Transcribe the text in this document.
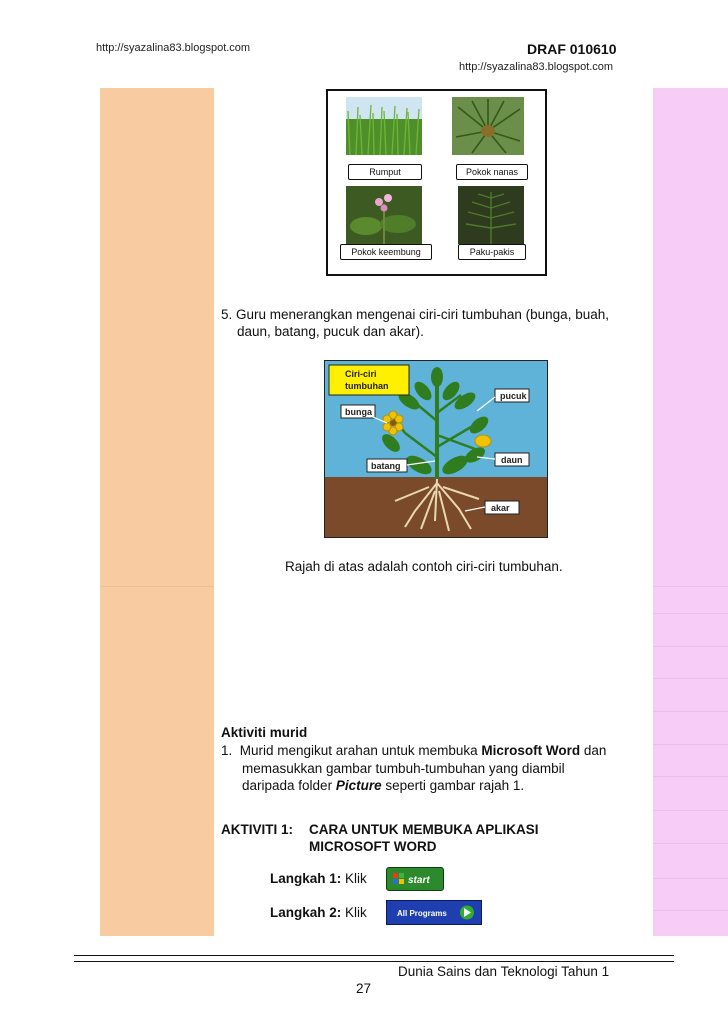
http://syazalina83.blogspot.com	DRAF 010610
http://syazalina83.blogspot.com
Rumput	Pokok nanas
Pokok keembung	Paku-pakis
5. Guru menerangkan mengenai ciri-ciri tumbuhan (bunga, buah,
daun, batang, pucuk dan akar).
Ciri-ciri
tumbuhan
pucuk
bunga
daun
batang
akar
Rajah di atas adalah contoh ciri-ciri tumbuhan.
Aktiviti murid
1.  Murid mengikut arahan untuk membuka Microsoft Word dan
memasukkan gambar tumbuh-tumbuhan yang diambil
daripada folder Picture seperti gambar rajah 1.
AKTIVITI 1: CARA UNTUK MEMBUKA APLIKASI
MICROSOFT WORD
Langkah 1: Klik	start
Langkah 2: Klik	All Programs
Dunia Sains dan Teknologi Tahun 1
27
